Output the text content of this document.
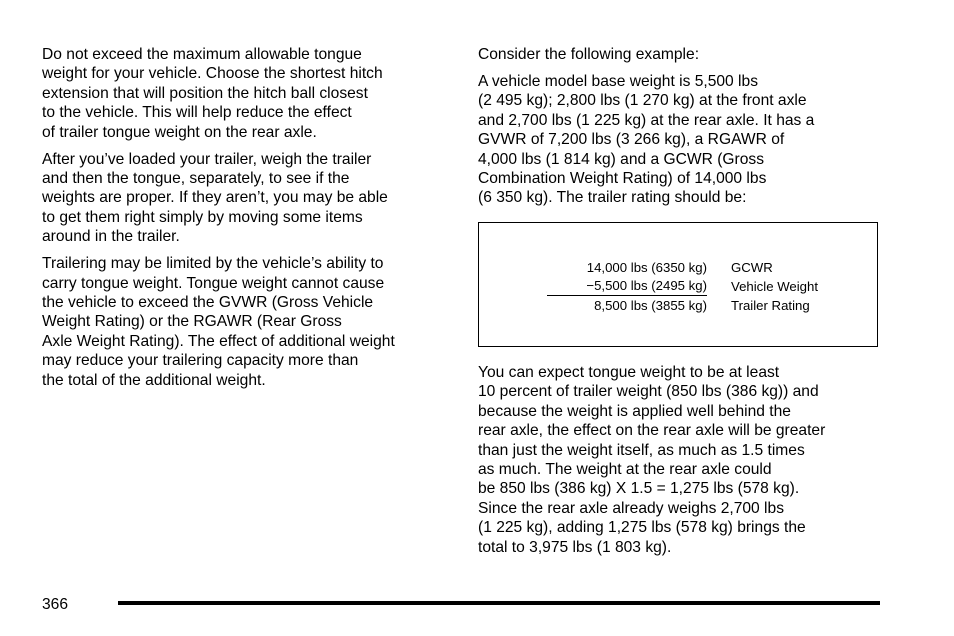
Do not exceed the maximum allowable tongue
weight for your vehicle. Choose the shortest hitch
extension that will position the hitch ball closest
to the vehicle. This will help reduce the effect
of trailer tongue weight on the rear axle.

After you’ve loaded your trailer, weigh the trailer
and then the tongue, separately, to see if the
weights are proper. If they aren’t, you may be able
to get them right simply by moving some items
around in the trailer.

Trailering may be limited by the vehicle’s ability to
carry tongue weight. Tongue weight cannot cause
the vehicle to exceed the GVWR (Gross Vehicle
Weight Rating) or the RGAWR (Rear Gross
Axle Weight Rating). The effect of additional weight
may reduce your trailering capacity more than
the total of the additional weight.

Consider the following example:

A vehicle model base weight is 5,500 lbs
(2 495 kg); 2,800 lbs (1 270 kg) at the front axle
and 2,700 lbs (1 225 kg) at the rear axle. It has a
GVWR of 7,200 lbs (3 266 kg), a RGAWR of
4,000 lbs (1 814 kg) and a GCWR (Gross
Combination Weight Rating) of 14,000 lbs
(6 350 kg). The trailer rating should be:

14,000 lbs (6350 kg) GCWR
−5,500 lbs (2495 kg) Vehicle Weight
8,500 lbs (3855 kg) Trailer Rating

You can expect tongue weight to be at least
10 percent of trailer weight (850 lbs (386 kg)) and
because the weight is applied well behind the
rear axle, the effect on the rear axle will be greater
than just the weight itself, as much as 1.5 times
as much. The weight at the rear axle could
be 850 lbs (386 kg) X 1.5 = 1,275 lbs (578 kg).
Since the rear axle already weighs 2,700 lbs
(1 225 kg), adding 1,275 lbs (578 kg) brings the
total to 3,975 lbs (1 803 kg).

366
